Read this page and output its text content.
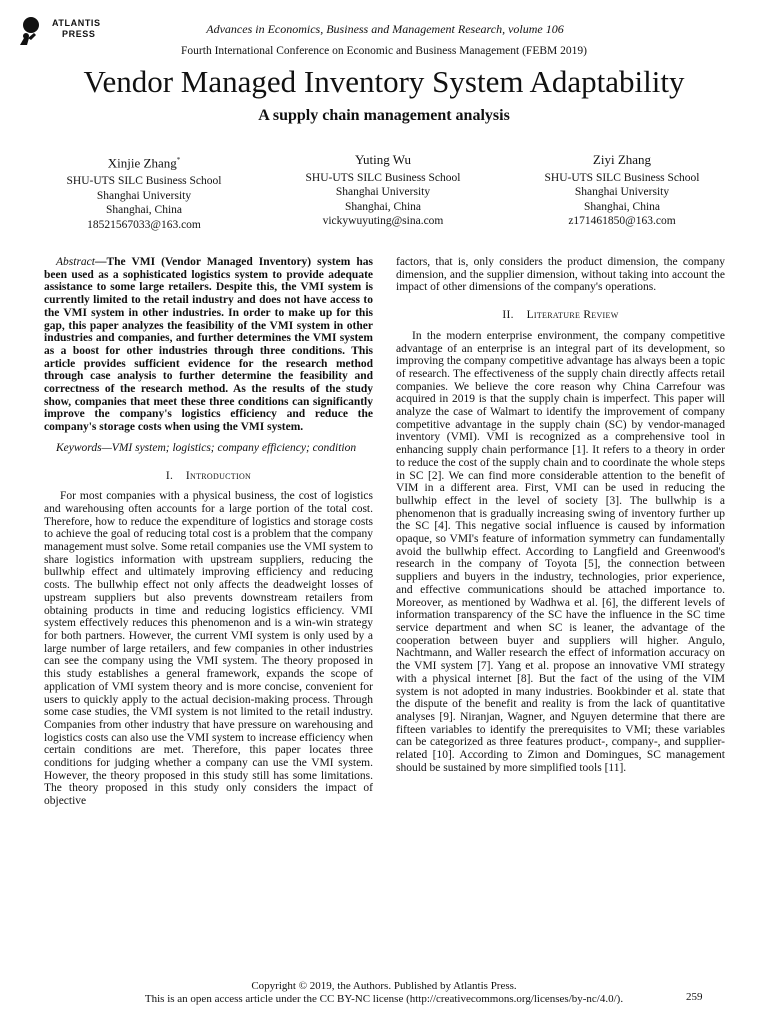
ATLANTIS
PRESS	Advances in Economics, Business and Management Research, volume 106
Fourth International Conference on Economic and Business Management (FEBM 2019)
Vendor Managed Inventory System Adaptability
A supply chain management analysis
Xinjie Zhang*
SHU-UTS SILC Business School
Shanghai University
Shanghai, China
18521567033@163.com
Yuting Wu
SHU-UTS SILC Business School
Shanghai University
Shanghai, China
vickywuyuting@sina.com
Ziyi Zhang
SHU-UTS SILC Business School
Shanghai University
Shanghai, China
z171461850@163.com

Abstract—The VMI (Vendor Managed Inventory) system has been used as a sophisticated logistics system to provide adequate assistance to some large retailers. Despite this, the VMI system is currently limited to the retail industry and does not have access to the VMI system in other industries. In order to make up for this gap, this paper analyzes the feasibility of the VMI system in other industries and companies, and further determines the VMI system as a boost for other industries through three conditions. This article provides sufficient evidence for the research method through case analysis to further determine the feasibility and correctness of the research method. As the results of the study show, companies that meet these three conditions can significantly improve the company's logistics efficiency and reduce the company's storage costs when using the VMI system.

Keywords—VMI system; logistics; company efficiency; condition

I. Introduction

For most companies with a physical business, the cost of logistics and warehousing often accounts for a large portion of the total cost. Therefore, how to reduce the expenditure of logistics and storage costs to achieve the goal of reducing total cost is a problem that the company management must solve. Some retail companies use the VMI system to share logistics information with upstream suppliers, reducing the bullwhip effect and ultimately improving efficiency and reducing costs. The bullwhip effect not only affects the deadweight losses of upstream suppliers but also prevents downstream retailers from obtaining products in time and reducing logistics efficiency. VMI system effectively reduces this phenomenon and is a win-win strategy for both partners. However, the current VMI system is only used by a large number of large retailers, and few companies in other industries can see the company using the VMI system. The theory proposed in this study establishes a general framework, expands the scope of application of VMI system theory and is more concise, convenient for users to quickly apply to the actual decision-making process. Through some case studies, the VMI system is not limited to the retail industry. Companies from other industry that have pressure on warehousing and logistics costs can also use the VMI system to increase efficiency when certain conditions are met. Therefore, this paper locates three conditions for judging whether a company can use the VMI system. However, the theory proposed in this study still has some limitations. The theory proposed in this study only considers the impact of objective

factors, that is, only considers the product dimension, the company dimension, and the supplier dimension, without taking into account the impact of other dimensions of the company's operations.

II. Literature Review

In the modern enterprise environment, the company competitive advantage of an enterprise is an integral part of its development, so improving the company competitive advantage has always been a topic of research. The effectiveness of the supply chain directly affects retail companies. We believe the core reason why China Carrefour was acquired in 2019 is that the supply chain is imperfect. This paper will analyze the case of Walmart to identify the improvement of company competitive advantage in the supply chain (SC) by vendor-managed inventory (VMI). VMI is recognized as a comprehensive tool in enhancing supply chain performance [1]. It refers to a theory in order to reduce the cost of the supply chain and to coordinate the whole steps in SC [2]. We can find more considerable attention to the benefit of VIM in a different area. First, VMI can be used in reducing the bullwhip effect in the level of society [3]. The bullwhip is a phenomenon that is gradually increasing swing of inventory further up the SC [4]. This negative social influence is caused by information opaque, so VMI's feature of information symmetry can fundamentally avoid the bullwhip effect. According to Langfield and Greenwood's research in the company of Toyota [5], the connection between suppliers and buyers in the industry, technologies, prior experience, and effective communications should be attached importance to. Moreover, as mentioned by Wadhwa et al. [6], the different levels of information transparency of the SC have the influence in the SC time service department and when SC is leaner, the advantage of the cooperation between buyer and suppliers will higher. Angulo, Nachtmann, and Waller research the effect of information accuracy on the VMI system [7]. Yang et al. propose an innovative VMI strategy with a physical internet [8]. But the fact of the using of the VIM system is not adopted in many industries. Bookbinder et al. state that the dispute of the benefit and reality is from the lack of quantitative analyses [9]. Niranjan, Wagner, and Nguyen determine that there are fifteen variables to identify the prerequisites to VMI; these variables can be categorized as three features product-, company-, and supplier-related [10]. According to Zimon and Domingues, SC management should be sustained by more simplified tools [11].

Copyright © 2019, the Authors. Published by Atlantis Press.
This is an open access article under the CC BY-NC license (http://creativecommons.org/licenses/by-nc/4.0/).	259
